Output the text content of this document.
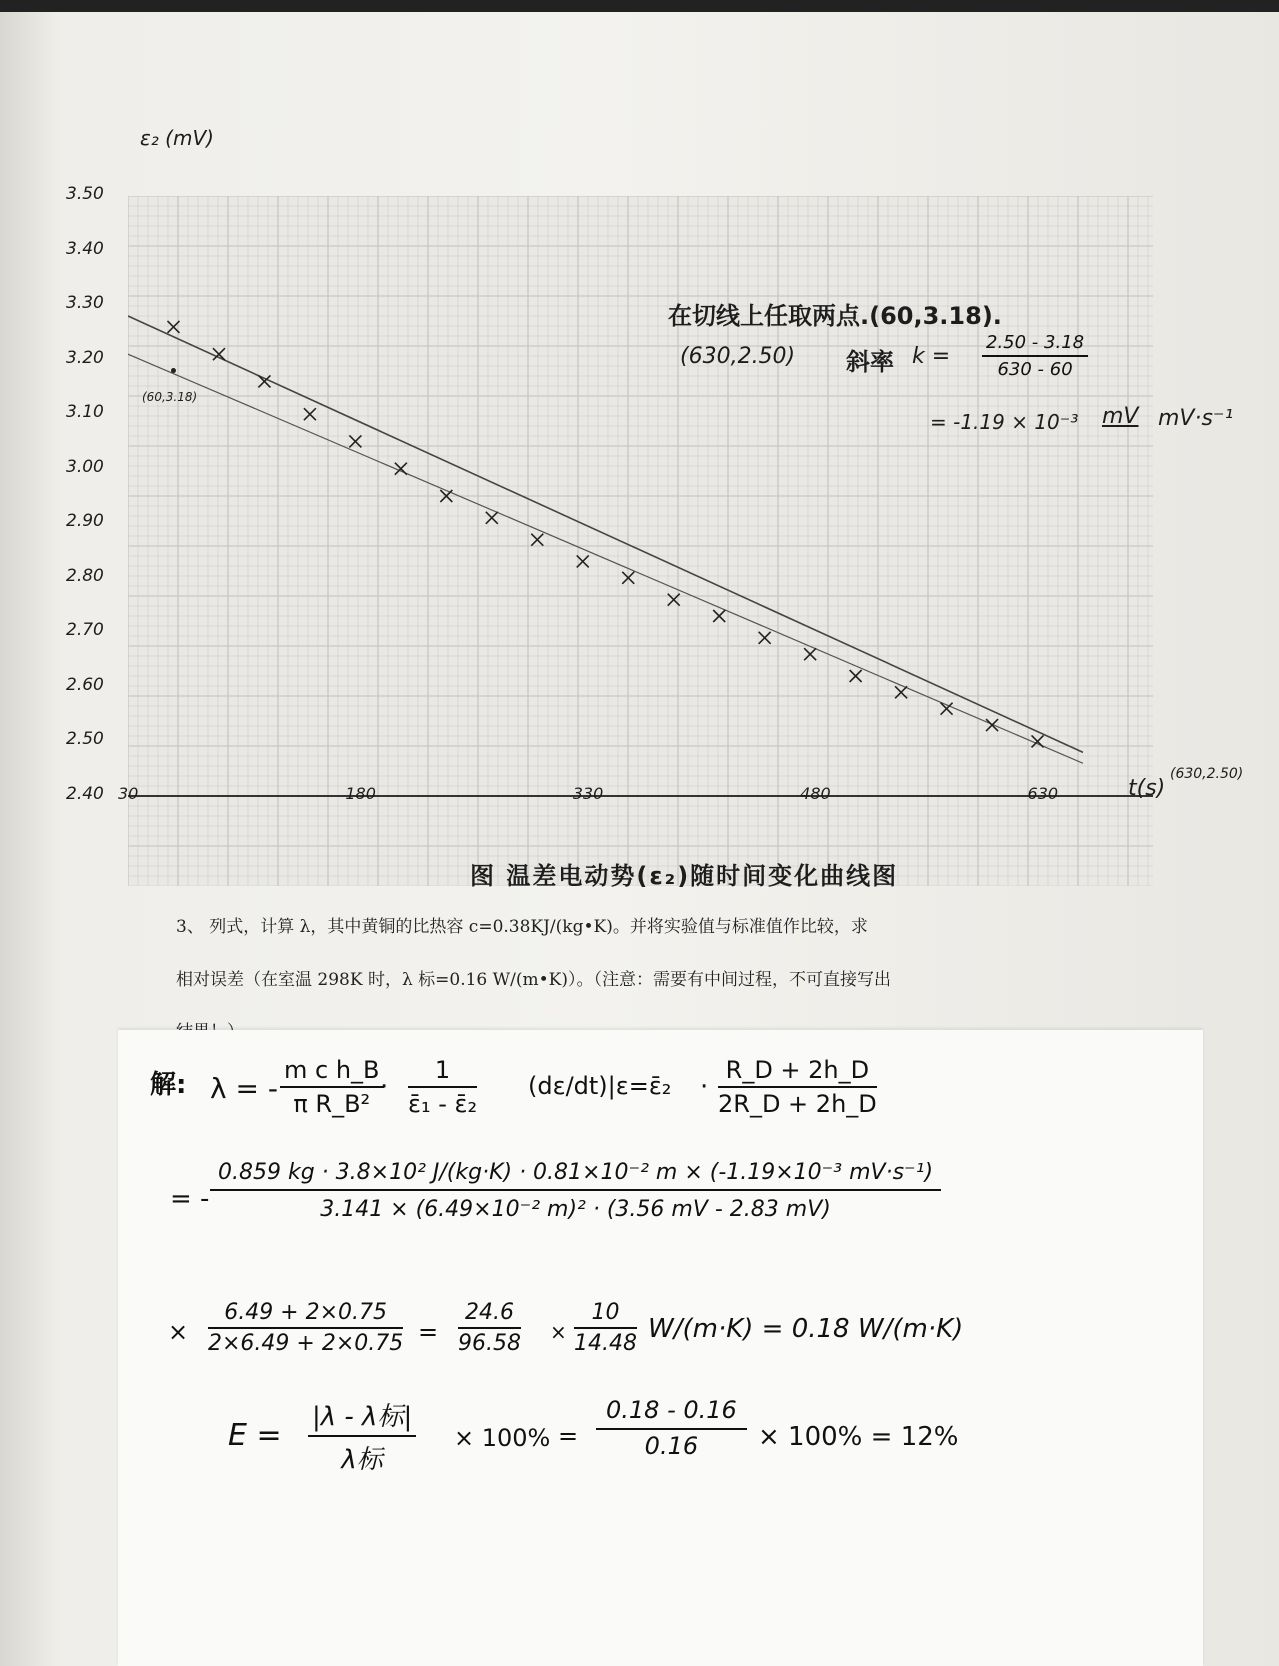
ε₂ (mV)
t(s)
3.50
3.40
3.30
3.20
3.10
3.00
2.90
2.80
2.70
2.60
2.50
2.40 30	180	330	480	630
在切线上任取两点.(60,3.18).
(630,2.50) 斜率 $k = \frac{2.50 - 3.18}{630 - 60}$
= -1.19 × 10⁻³ mV mV·s⁻¹
(60,3.18)
(630,2.50)
图 温差电动势(ε₂)随时间变化曲线图
3、 列式，计算 λ，其中黄铜的比热容 c=0.38KJ/(kg•K)。并将实验值与标准值作比较，求
相对误差（在室温 298K 时，λ 标=0.16 W/(m•K)）。（注意：需要有中间过程，不可直接写出
解: λ = - $\frac{\text{m c h\_B}}{\text{π R\_B²}}$
· $\frac{1}{\text{ε̄₁ - ε̄₂}}$ (dε/dt)|ε=ε̄₂ · $\frac{R\_D + 2h\_D}{2R\_D + 2h\_D}$
= -
0.859 kg · 3.8×10² J/(kg·K) · 0.81×10⁻² m × (-1.19×10⁻³ mV·s⁻¹)
3.141 × (6.49×10⁻² m)² · (3.56 mV - 2.83 mV)
× $\frac{6.49 + 2\times 0.75}{2\times 6.49 + 2\times 0.75} = \frac{24.6}{96.58} \times \frac{10}{14.48} W/(m\cdot K) = 0.18$ W/(m·K)
E =
|λ - λ标|
λ标
× $100\% = \frac{0.18 - 0.16}{0.16} \times 100\% = 12\%$
